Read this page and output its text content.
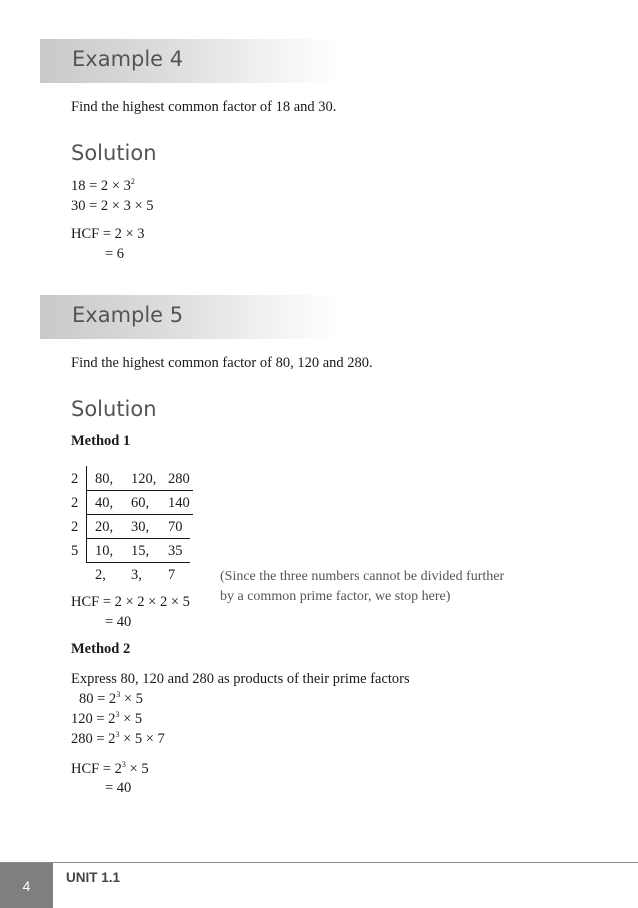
Example 4
Find the highest common factor of 18 and 30.
Solution
$18 = 2 \times 3^2$
30 = 2 × 3 × 5
HCF = 2 × 3
= 6
Example 5
Find the highest common factor of 80, 120 and 280.
Solution
Method 1
2 80, 120, 280
2 40, 60, 140
2 20, 30, 70
5 10, 15, 35
2, 3, 7	(Since the three numbers cannot be divided further
by a common prime factor, we stop here)
HCF = 2 × 2 × 2 × 5
= 40
Method 2
Express 80, 120 and 280 as products of their prime factors
$80 = 2^3 \times 5$
$120 = 2^3 \times 5$
$280 = 2^3 \times 5 \times 7$
HCF = $2^3 \times 5$
= 40
4	UNIT 1.1
